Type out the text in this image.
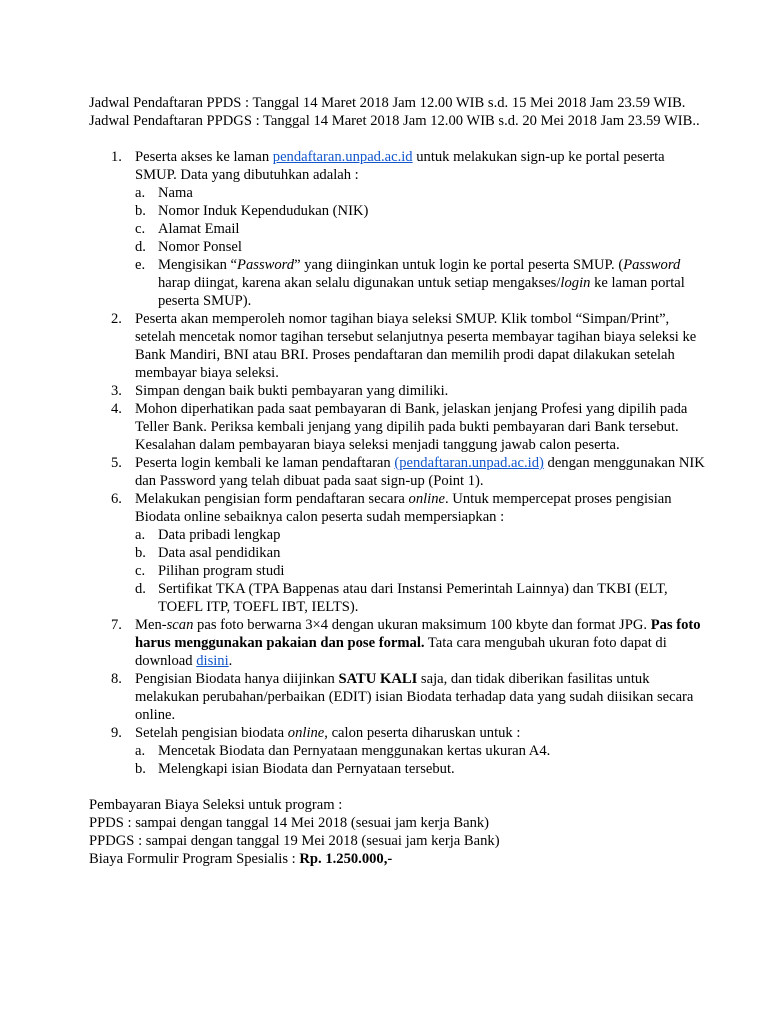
Jadwal Pendaftaran PPDS : Tanggal 14 Maret 2018 Jam 12.00 WIB s.d. 15 Mei 2018 Jam 23.59 WIB.

Jadwal Pendaftaran PPDGS : Tanggal 14 Maret 2018 Jam 12.00 WIB s.d. 20 Mei 2018 Jam 23.59 WIB..

1. Peserta akses ke laman pendaftaran.unpad.ac.id untuk melakukan sign-up ke portal peserta SMUP. Data yang dibutuhkan adalah :
a. Nama
b. Nomor Induk Kependudukan (NIK)
c. Alamat Email
d. Nomor Ponsel
e. Mengisikan “Password” yang diinginkan untuk login ke portal peserta SMUP. (Password harap diingat, karena akan selalu digunakan untuk setiap mengakses/login ke laman portal peserta SMUP).
2. Peserta akan memperoleh nomor tagihan biaya seleksi SMUP. Klik tombol “Simpan/Print”, setelah mencetak nomor tagihan tersebut selanjutnya peserta membayar tagihan biaya seleksi ke Bank Mandiri, BNI atau BRI. Proses pendaftaran dan memilih prodi dapat dilakukan setelah membayar biaya seleksi.
3. Simpan dengan baik bukti pembayaran yang dimiliki.
4. Mohon diperhatikan pada saat pembayaran di Bank, jelaskan jenjang Profesi yang dipilih pada Teller Bank. Periksa kembali jenjang yang dipilih pada bukti pembayaran dari Bank tersebut. Kesalahan dalam pembayaran biaya seleksi menjadi tanggung jawab calon peserta.
5. Peserta login kembali ke laman pendaftaran (pendaftaran.unpad.ac.id) dengan menggunakan NIK dan Password yang telah dibuat pada saat sign-up (Point 1).
6. Melakukan pengisian form pendaftaran secara online. Untuk mempercepat proses pengisian Biodata online sebaiknya calon peserta sudah mempersiapkan :
a. Data pribadi lengkap
b. Data asal pendidikan
c. Pilihan program studi
d. Sertifikat TKA (TPA Bappenas atau dari Instansi Pemerintah Lainnya) dan TKBI (ELT, TOEFL ITP, TOEFL IBT, IELTS).
7. Men-scan pas foto berwarna 3×4 dengan ukuran maksimum 100 kbyte dan format JPG. Pas foto harus menggunakan pakaian dan pose formal. Tata cara mengubah ukuran foto dapat di download disini.
8. Pengisian Biodata hanya diijinkan SATU KALI saja, dan tidak diberikan fasilitas untuk melakukan perubahan/perbaikan (EDIT) isian Biodata terhadap data yang sudah diisikan secara online.
9. Setelah pengisian biodata online, calon peserta diharuskan untuk :
a. Mencetak Biodata dan Pernyataan menggunakan kertas ukuran A4.
b. Melengkapi isian Biodata dan Pernyataan tersebut.

Pembayaran Biaya Seleksi untuk program :

PPDS : sampai dengan tanggal 14 Mei 2018 (sesuai jam kerja Bank)

PPDGS : sampai dengan tanggal 19 Mei 2018 (sesuai jam kerja Bank)

Biaya Formulir Program Spesialis : Rp. 1.250.000,-
